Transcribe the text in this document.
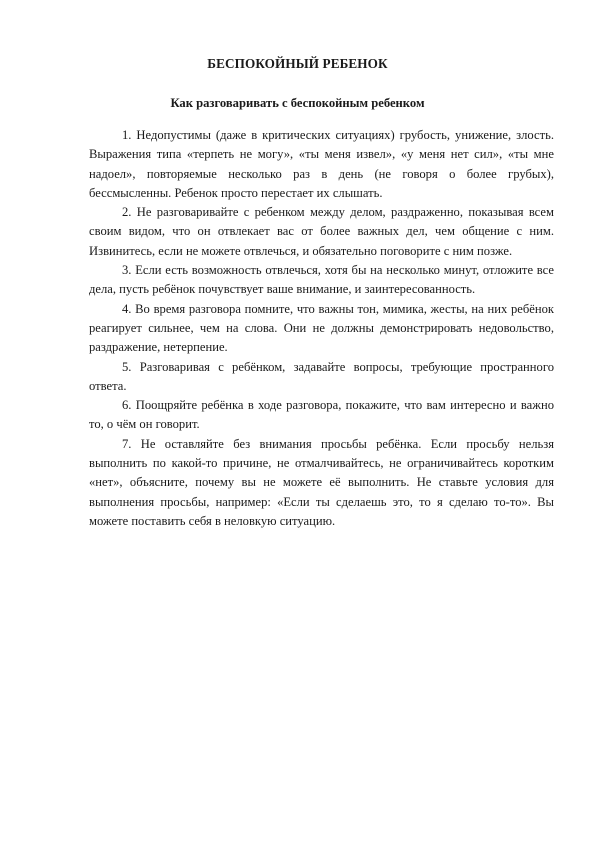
БЕСПОКОЙНЫЙ РЕБЕНОК
Как разговаривать с беспокойным ребенком

1. Недопустимы (даже в критических ситуациях) грубость, унижение, злость. Выражения типа «терпеть не могу», «ты меня извел», «у меня нет сил», «ты мне надоел», повторяемые несколько раз в день (не говоря о более грубых), бессмысленны. Ребенок просто перестает их слышать.

2. Не разговаривайте с ребенком между делом, раздраженно, показывая всем своим видом, что он отвлекает вас от более важных дел, чем общение с ним. Извинитесь, если не можете отвлечься, и обязательно поговорите с ним позже.

3. Если есть возможность отвлечься, хотя бы на несколько минут, отложите все дела, пусть ребёнок почувствует ваше внимание, и заинтересованность.

4. Во время разговора помните, что важны тон, мимика, жесты, на них ребёнок реагирует сильнее, чем на слова. Они не должны демонстрировать недовольство, раздражение, нетерпение.

5. Разговаривая с ребёнком, задавайте вопросы, требующие пространного ответа.

6. Поощряйте ребёнка в ходе разговора, покажите, что вам интересно и важно то, о чём он говорит.

7. Не оставляйте без внимания просьбы ребёнка. Если просьбу нельзя выполнить по какой-то причине, не отмалчивайтесь, не ограничивайтесь коротким «нет», объясните, почему вы не можете её выполнить. Не ставьте условия для выполнения просьбы, например: «Если ты сделаешь это, то я сделаю то-то». Вы можете поставить себя в неловкую ситуацию.
